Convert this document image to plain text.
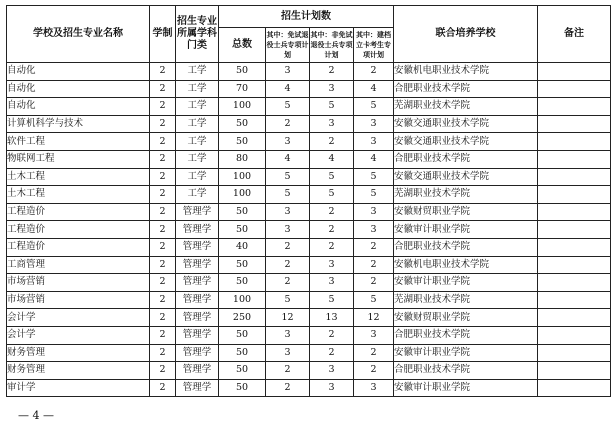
学校及招生专业名称	学制	招生专业所属学科门类	招生计划数				联合培养学校	备注
			总数	其中：免试退役士兵专项计划	其中：非免试退役士兵专项计划	其中：建档立卡考生专项计划		
自动化	2	工学	50	3	2	2	安徽机电职业技术学院	
自动化	2	工学	70	4	3	4	合肥职业技术学院	
自动化	2	工学	100	5	5	5	芜湖职业技术学院	
计算机科学与技术	2	工学	50	2	3	3	安徽交通职业技术学院	
软件工程	2	工学	50	3	2	3	安徽交通职业技术学院	
物联网工程	2	工学	80	4	4	4	合肥职业技术学院	
土木工程	2	工学	100	5	5	5	安徽交通职业技术学院	
土木工程	2	工学	100	5	5	5	芜湖职业技术学院	
工程造价	2	管理学	50	3	2	3	安徽财贸职业学院	
工程造价	2	管理学	50	3	2	3	安徽审计职业学院	
工程造价	2	管理学	40	2	2	2	合肥职业技术学院	
工商管理	2	管理学	50	2	3	2	安徽机电职业技术学院	
市场营销	2	管理学	50	2	3	2	安徽审计职业学院	
市场营销	2	管理学	100	5	5	5	芜湖职业技术学院	
会计学	2	管理学	250	12	13	12	安徽财贸职业学院	
会计学	2	管理学	50	3	2	3	合肥职业技术学院	
财务管理	2	管理学	50	3	2	2	安徽审计职业学院	
财务管理	2	管理学	50	2	3	2	合肥职业技术学院	
审计学	2	管理学	50	2	3	3	安徽审计职业学院	
— 4 —
